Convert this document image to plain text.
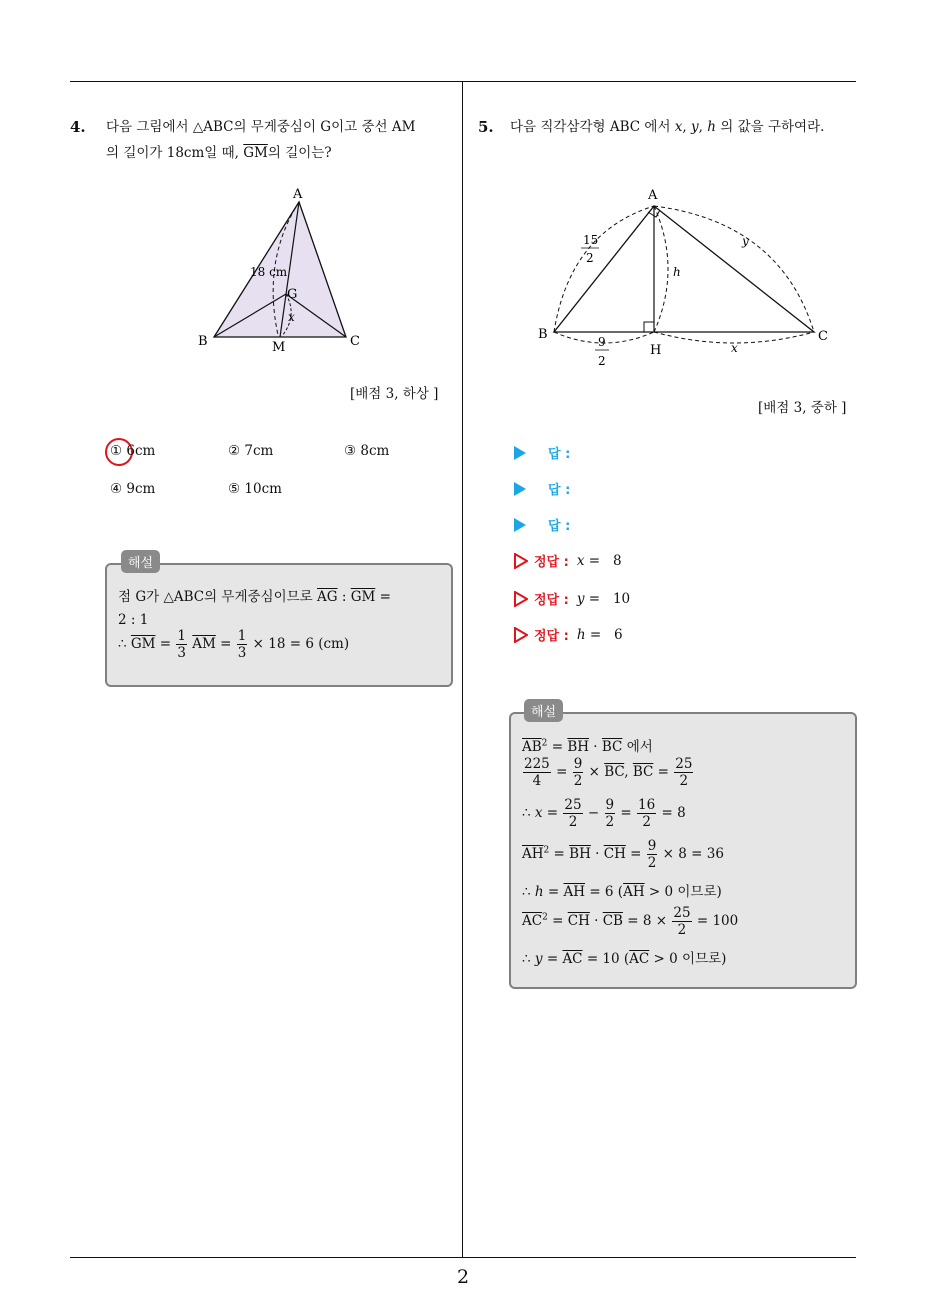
2
4. 다음 그림에서 △ABC의 무게중심이 G이고 중선 AM
의 길이가 18cm일 때, $\overline{GM}$의 길이는?
A
B	C
M
G
18 cm
x
[배점 3, 하상 ]
① 6cm	② 7cm	③ 8cm
④ 9cm	⑤ 10cm
해설
점 G가 △ABC의 무게중심이므로 $\overline{AG}$ : $\overline{GM}$ =
2 : 1
∴ $\overline{GM} = \frac{1}{3} \overline{AM} = \frac{1}{3} \times 18 = 6$ (cm)
5. 다음 직각삼각형 ABC 에서 x, y, h 의 값을 구하여라.
A
B	C
H
15
2
9
2
h
x
y
[배점 3, 중하 ]
답 :
답 :
답 :
정답 : x = 8
정답 : y = 10
정답 : h = 6
해설
$\overline{AB}^2 = \overline{BH} \cdot \overline{BC}$ 에서
$\frac{225}{4} = \frac{9}{2} \times \overline{BC}$, $\overline{BC} = \frac{25}{2}$
∴ $x = \frac{25}{2} - \frac{9}{2} = \frac{16}{2} = 8$
$\overline{AH}^2 = \overline{BH} \cdot \overline{CH} = \frac{9}{2} \times 8 = 36$
∴ $h = \overline{AH} = 6$ ($\overline{AH} > 0$ 이므로)
$\overline{AC}^2 = \overline{CH} \cdot \overline{CB} = 8 \times \frac{25}{2} = 100$
∴ $y = \overline{AC} = 10$ ($\overline{AC} > 0$ 이므로)
